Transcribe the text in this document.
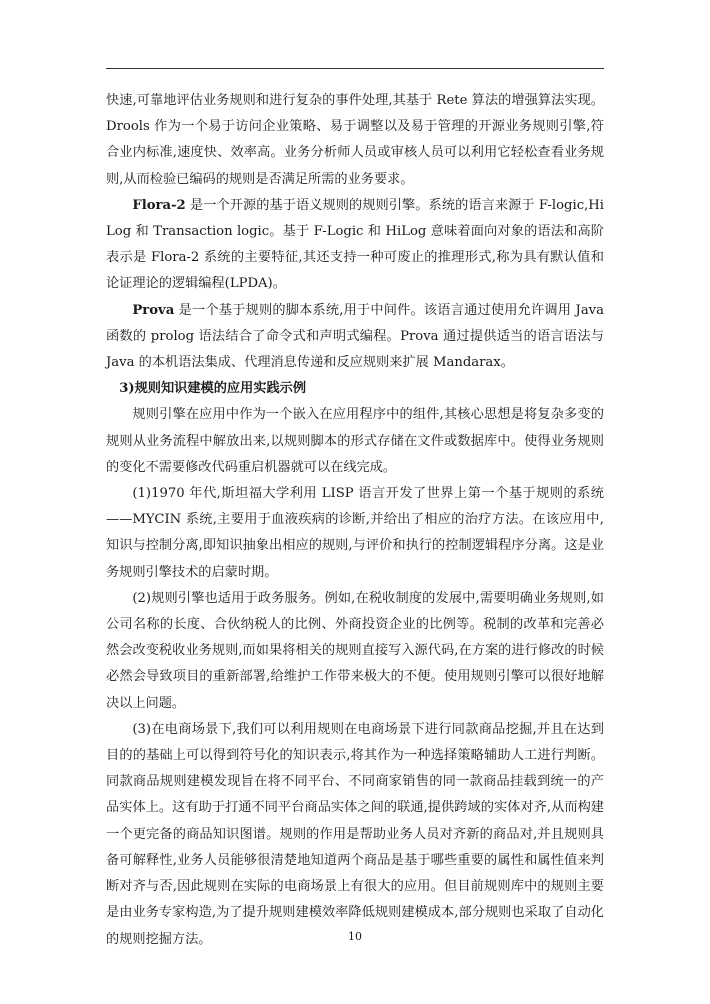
快速,可靠地评估业务规则和进行复杂的事件处理,其基于 Rete 算法的增强算法实现。Drools 作为一个易于访问企业策略、易于调整以及易于管理的开源业务规则引擎,符合业内标准,速度快、效率高。业务分析师人员或审核人员可以利用它轻松查看业务规则,从而检验已编码的规则是否满足所需的业务要求。

Flora-2 是一个开源的基于语义规则的规则引擎。系统的语言来源于 F-logic,HiLog 和 Transaction logic。基于 F-Logic 和 HiLog 意味着面向对象的语法和高阶表示是 Flora-2 系统的主要特征,其还支持一种可废止的推理形式,称为具有默认值和论证理论的逻辑编程(LPDA)。

Prova 是一个基于规则的脚本系统,用于中间件。该语言通过使用允许调用 Java 函数的 prolog 语法结合了命令式和声明式编程。Prova 通过提供适当的语言语法与 Java 的本机语法集成、代理消息传递和反应规则来扩展 Mandarax。

3)规则知识建模的应用实践示例

规则引擎在应用中作为一个嵌入在应用程序中的组件,其核心思想是将复杂多变的规则从业务流程中解放出来,以规则脚本的形式存储在文件或数据库中。使得业务规则的变化不需要修改代码重启机器就可以在线完成。

(1)1970 年代,斯坦福大学利用 LISP 语言开发了世界上第一个基于规则的系统——MYCIN 系统,主要用于血液疾病的诊断,并给出了相应的治疗方法。在该应用中,知识与控制分离,即知识抽象出相应的规则,与评价和执行的控制逻辑程序分离。这是业务规则引擎技术的启蒙时期。

(2)规则引擎也适用于政务服务。例如,在税收制度的发展中,需要明确业务规则,如公司名称的长度、合伙纳税人的比例、外商投资企业的比例等。税制的改革和完善必然会改变税收业务规则,而如果将相关的规则直接写入源代码,在方案的进行修改的时候必然会导致项目的重新部署,给维护工作带来极大的不便。使用规则引擎可以很好地解决以上问题。

(3)在电商场景下,我们可以利用规则在电商场景下进行同款商品挖掘,并且在达到目的的基础上可以得到符号化的知识表示,将其作为一种选择策略辅助人工进行判断。同款商品规则建模发现旨在将不同平台、不同商家销售的同一款商品挂载到统一的产品实体上。这有助于打通不同平台商品实体之间的联通,提供跨域的实体对齐,从而构建一个更完备的商品知识图谱。规则的作用是帮助业务人员对齐新的商品对,并且规则具备可解释性,业务人员能够很清楚地知道两个商品是基于哪些重要的属性和属性值来判断对齐与否,因此规则在实际的电商场景上有很大的应用。但目前规则库中的规则主要是由业务专家构造,为了提升规则建模效率降低规则建模成本,部分规则也采取了自动化的规则挖掘方法。	10
